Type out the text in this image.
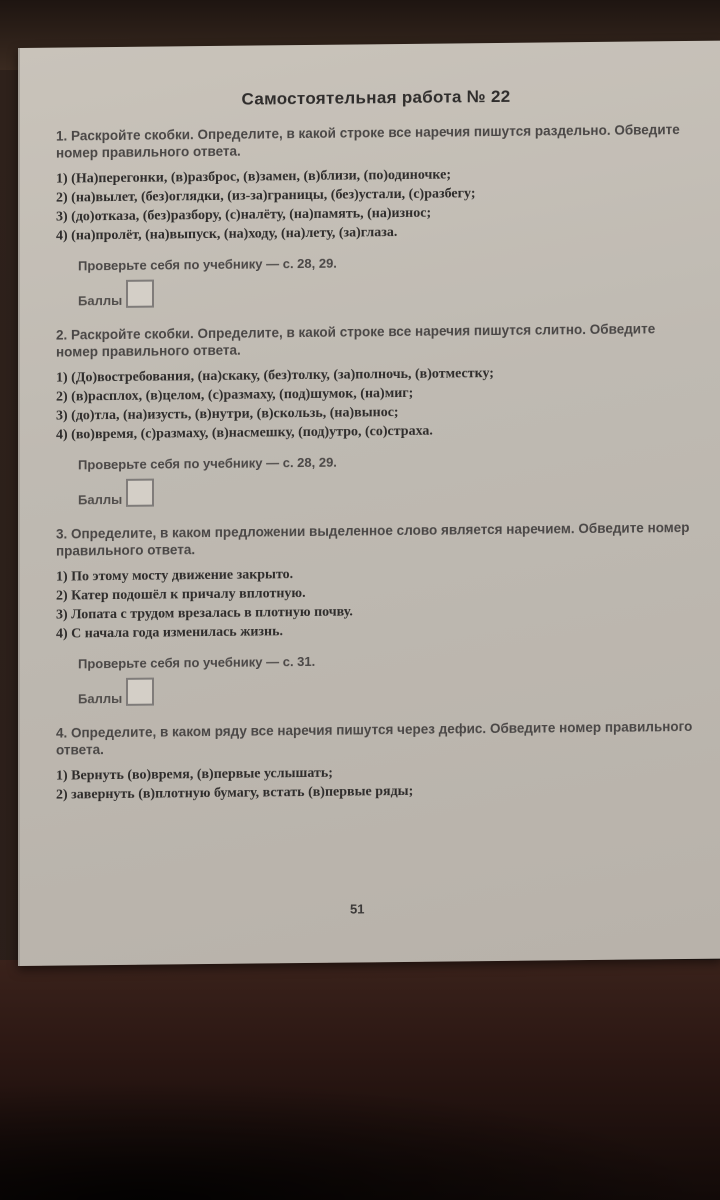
Самостоятельная работа № 22

1. Раскройте скобки. Определите, в какой строке все наречия пишутся раздельно. Обведите номер правильного ответа.

1) (На)перегонки, (в)разброс, (в)замен, (в)близи, (по)одиночке;

2) (на)вылет, (без)оглядки, (из-за)границы, (без)устали, (с)разбегу;

3) (до)отказа, (без)разбору, (с)налёту, (на)память, (на)износ;

4) (на)пролёт, (на)выпуск, (на)ходу, (на)лету, (за)глаза.

Проверьте себя по учебнику — с. 28, 29.

Баллы

2. Раскройте скобки. Определите, в какой строке все наречия пишутся слитно. Обведите номер правильного ответа.

1) (До)востребования, (на)скаку, (без)толку, (за)полночь, (в)отместку;

2) (в)расплох, (в)целом, (с)размаху, (под)шумок, (на)миг;

3) (до)тла, (на)изусть, (в)нутри, (в)скользь, (на)вынос;

4) (во)время, (с)размаху, (в)насмешку, (под)утро, (со)страха.

Проверьте себя по учебнику — с. 28, 29.

Баллы

3. Определите, в каком предложении выделенное слово является наречием. Обведите номер правильного ответа.

1) По этому мосту движение закрыто.

2) Катер подошёл к причалу вплотную.

3) Лопата с трудом врезалась в плотную почву.

4) С начала года изменилась жизнь.

Проверьте себя по учебнику — с. 31.

Баллы

4. Определите, в каком ряду все наречия пишутся через дефис. Обведите номер правильного ответа.

1) Вернуть (во)время, (в)первые услышать;

2) завернуть (в)плотную бумагу, встать (в)первые ряды;

51
